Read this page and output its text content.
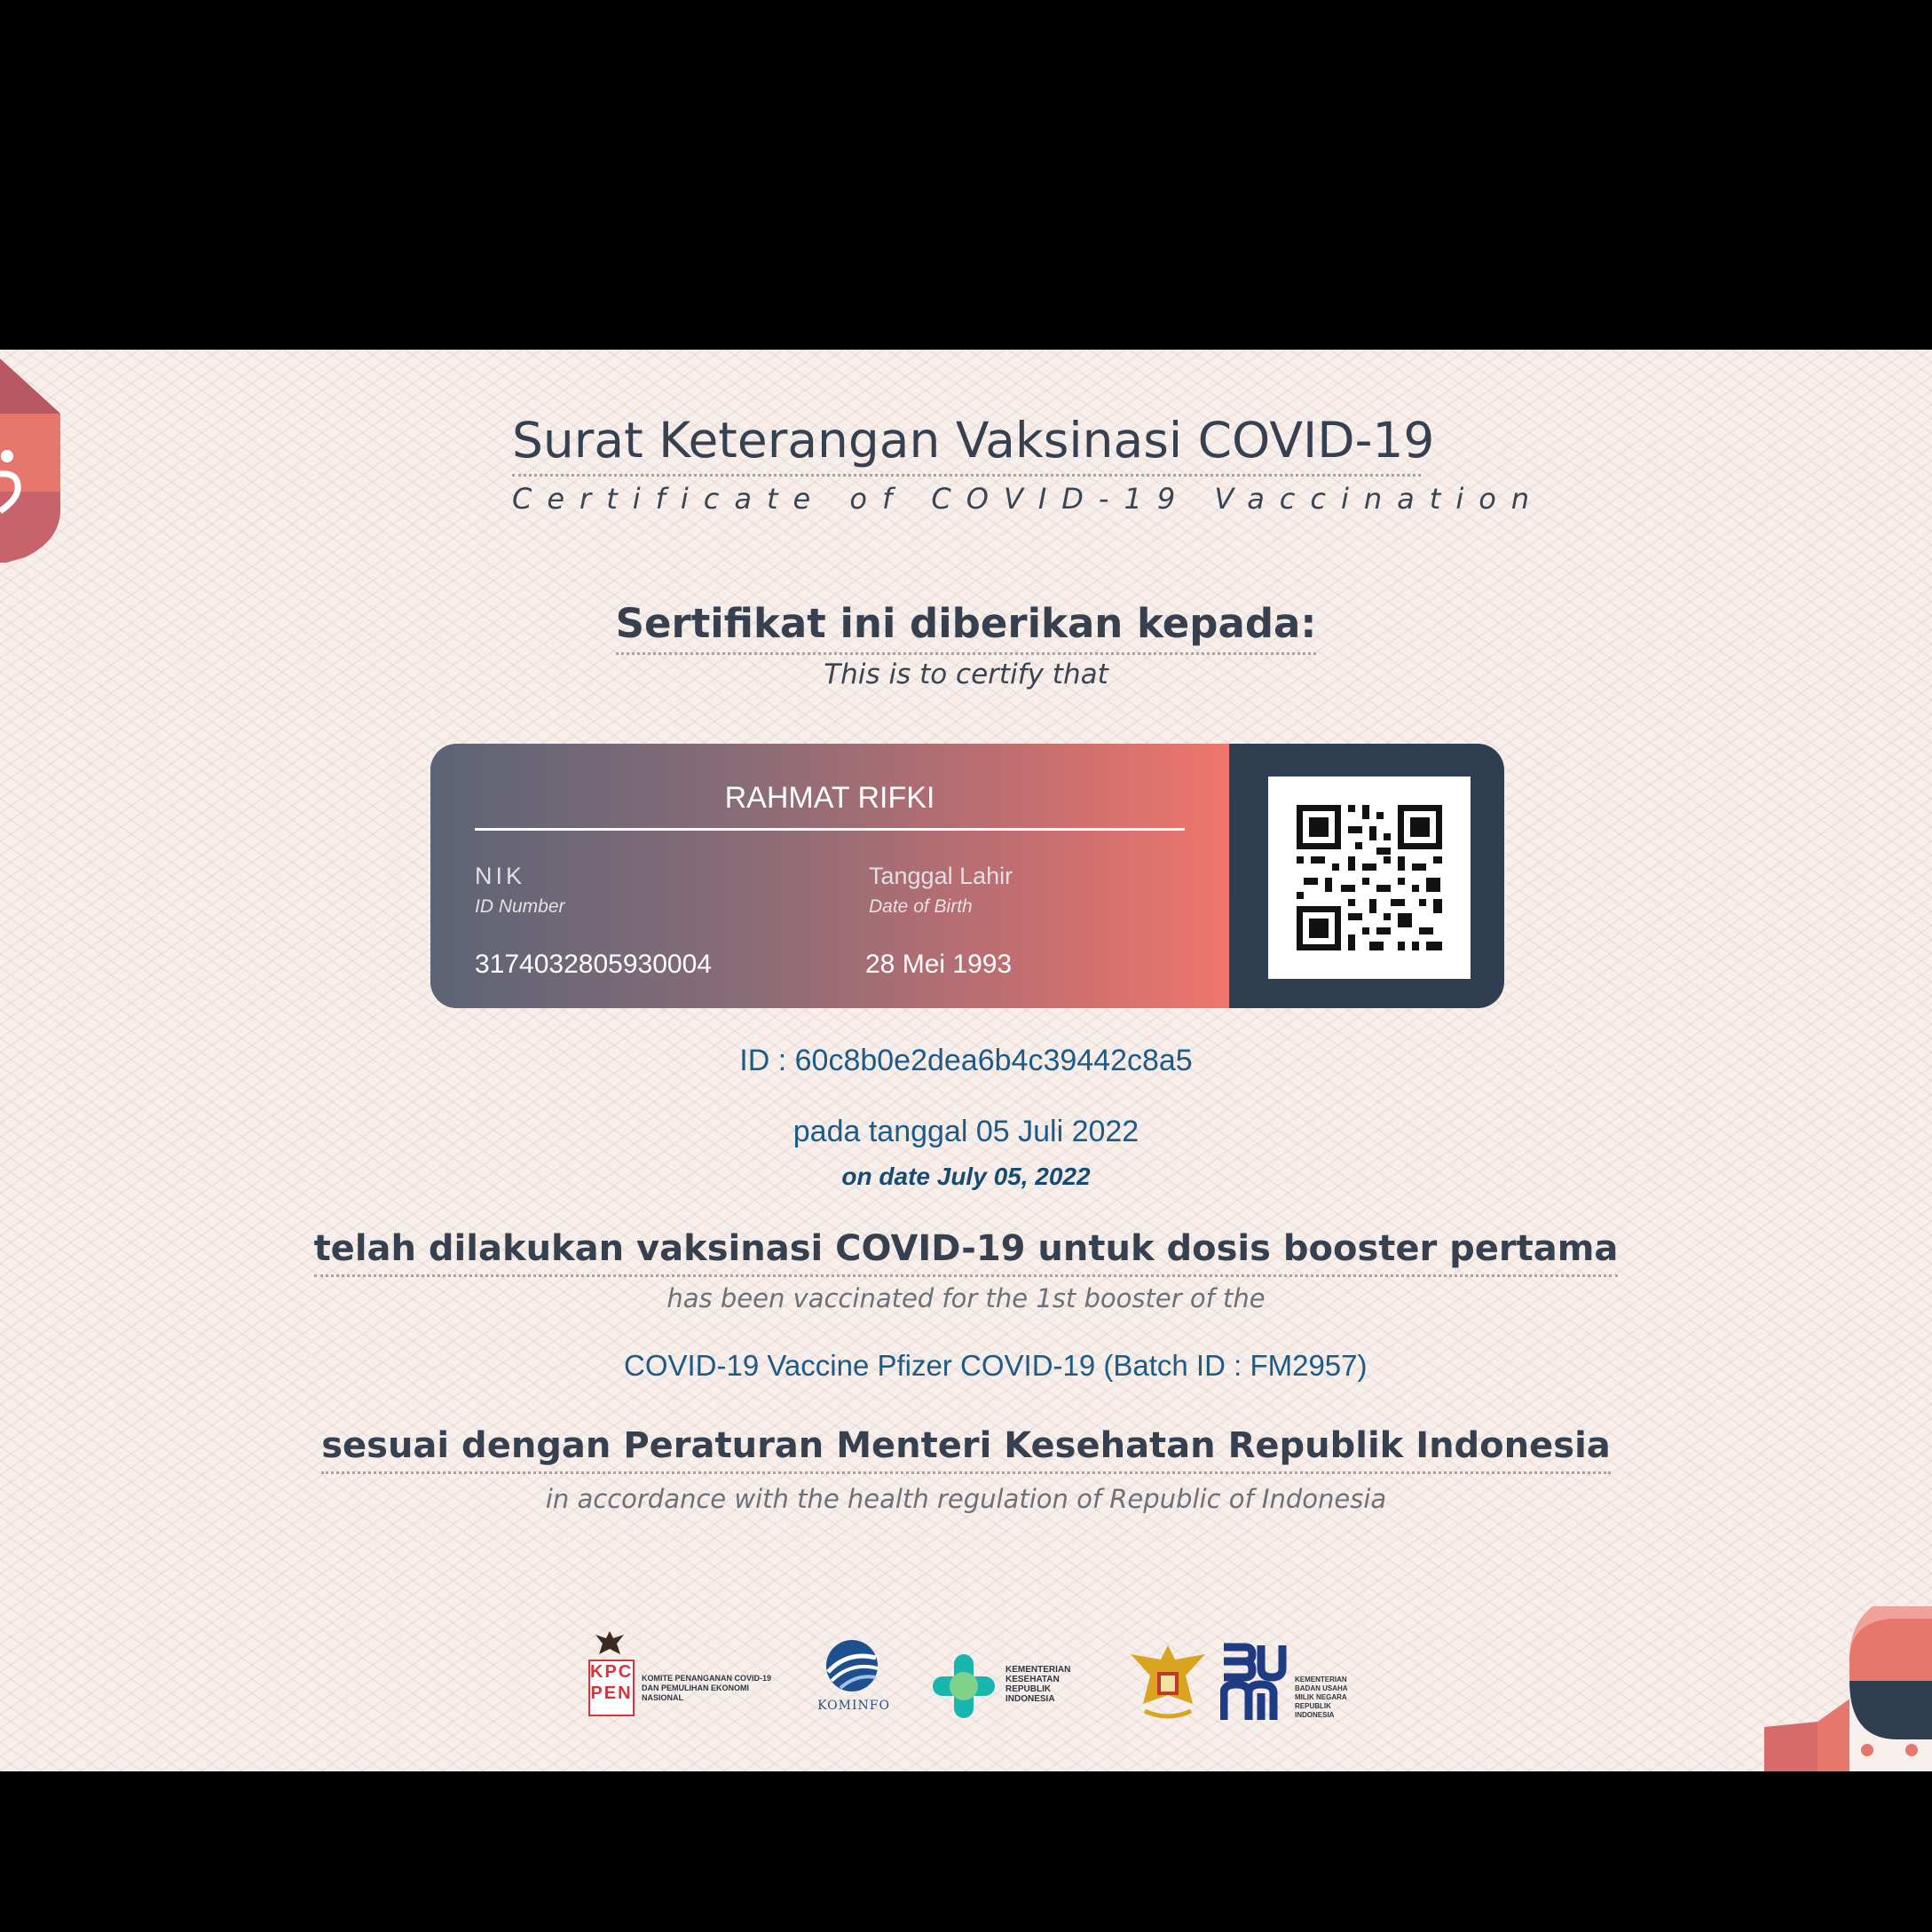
Surat Keterangan Vaksinasi COVID-19
Certificate of COVID-19 Vaccination
Sertifikat ini diberikan kepada:
This is to certify that
RAHMAT RIFKI
NIK
ID Number
3174032805930004
Tanggal Lahir
Date of Birth
28 Mei 1993
ID : 60c8b0e2dea6b4c39442c8a5
pada tanggal 05 Juli 2022
on date July 05, 2022
telah dilakukan vaksinasi COVID-19 untuk dosis booster pertama
has been vaccinated for the 1st booster of the
COVID-19 Vaccine Pfizer COVID-19 (Batch ID : FM2957)
sesuai dengan Peraturan Menteri Kesehatan Republik Indonesia
in accordance with the health regulation of Republic of Indonesia
KPC
PEN
KOMITE PENANGANAN COVID-19 DAN PEMULIHAN EKONOMI NASIONAL
KOMINFO
KEMENTERIAN KESEHATAN REPUBLIK INDONESIA
KEMENTERIAN BADAN USAHA MILIK NEGARA REPUBLIK INDONESIA
